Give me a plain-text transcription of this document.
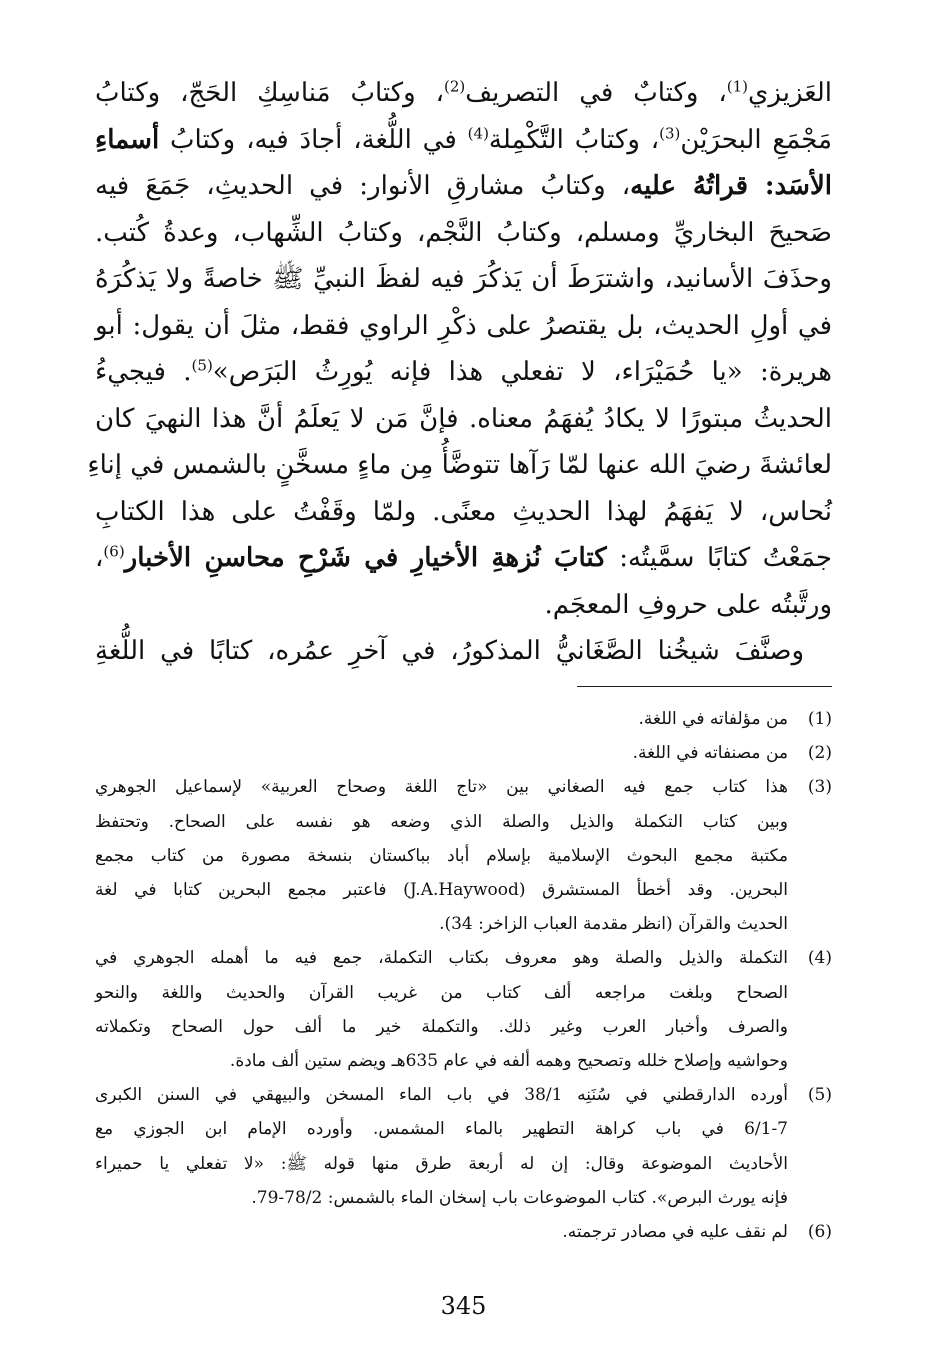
العَزيزي$^{(1)}$، وكتابٌ في التصريف$^{(2)}$، وكتابُ مَناسِكِ الحَجّ، وكتابُ
مَجْمَعِ البحرَيْن$^{(3)}$، وكتابُ التَّكْمِلة$^{(4)}$ في اللُّغة، أجادَ فيه، وكتابُ أسماءِ
الأسَد: قراتُهُ عليه، وكتابُ مشارقِ الأنوار: في الحديثِ، جَمَعَ فيه
صَحيحَ البخاريِّ ومسلم، وكتابُ النَّجْم، وكتابُ الشِّهاب، وعدةُ كُتب.
وحذَفَ الأسانيد، واشترَطَ أن يَذكُرَ فيه لفظَ النبيِّ ﷺ خاصةً ولا يَذكُرَهُ
في أولِ الحديث، بل يقتصرُ على ذكْرِ الراوي فقط، مثلَ أن يقول: أبو
هريرة: «يا حُمَيْرَاء، لا تفعلي هذا فإنه يُورِثُ البَرَص»$^{(5)}$. فيجيءُ
الحديثُ مبتورًا لا يكادُ يُفهَمُ معناه. فإنَّ مَن لا يَعلَمُ أنَّ هذا النهيَ كان
لعائشةَ رضيَ الله عنها لمّا رَآها تتوضَّأُ مِن ماءٍ مسخَّنٍ بالشمس في إناءِ
نُحاس، لا يَفهَمُ لهذا الحديثِ معنًى. ولمّا وقَفْتُ على هذا الكتابِ
جمَعْتُ كتابًا سمَّيتُه: كتابَ نُزهةِ الأخيارِ في شَرْحِ محاسنِ الأخبار$^{(6)}$،
ورتَّبتُه على حروفِ المعجَم.
وصنَّفَ شيخُنا الصَّغَانيُّ المذكورُ، في آخرِ عمُره، كتابًا في اللُّغةِ
(1)
من مؤلفاته في اللغة.
(2)
من مصنفاته في اللغة.
(3)
هذا كتاب جمع فيه الصغاني بين «تاج اللغة وصحاح العربية» لإسماعيل الجوهري
وبين كتاب التكملة والذيل والصلة الذي وضعه هو نفسه على الصحاح. وتحتفظ
مكتبة مجمع البحوث الإسلامية بإسلام أباد بباكستان بنسخة مصورة من كتاب مجمع
البحرين. وقد أخطأ المستشرق (J.A.Haywood) فاعتبر مجمع البحرين كتابا في لغة
الحديث والقرآن (انظر مقدمة العباب الزاخر: 34).
(4)
التكملة والذيل والصلة وهو معروف بكتاب التكملة، جمع فيه ما أهمله الجوهري في
الصحاح وبلغت مراجعه ألف كتاب من غريب القرآن والحديث واللغة والنحو
والصرف وأخبار العرب وغير ذلك. والتكملة خير ما ألف حول الصحاح وتكملاته
وحواشيه وإصلاح خلله وتصحيح وهمه ألفه في عام 635هـ ويضم ستين ألف مادة.
(5)
أورده الدارقطني في سُنَنِه 38/1 في باب الماء المسخن والبيهقي في السنن الكبرى
6/1-7 في باب كراهة التطهير بالماء المشمس. وأورده الإمام ابن الجوزي مع
الأحاديث الموضوعة وقال: إن له أربعة طرق منها قوله ﷺ: «لا تفعلي يا حميراء
فإنه يورث البرص». كتاب الموضوعات باب إسخان الماء بالشمس: 78/2-79.
(6)
لم نقف عليه في مصادر ترجمته.
345
